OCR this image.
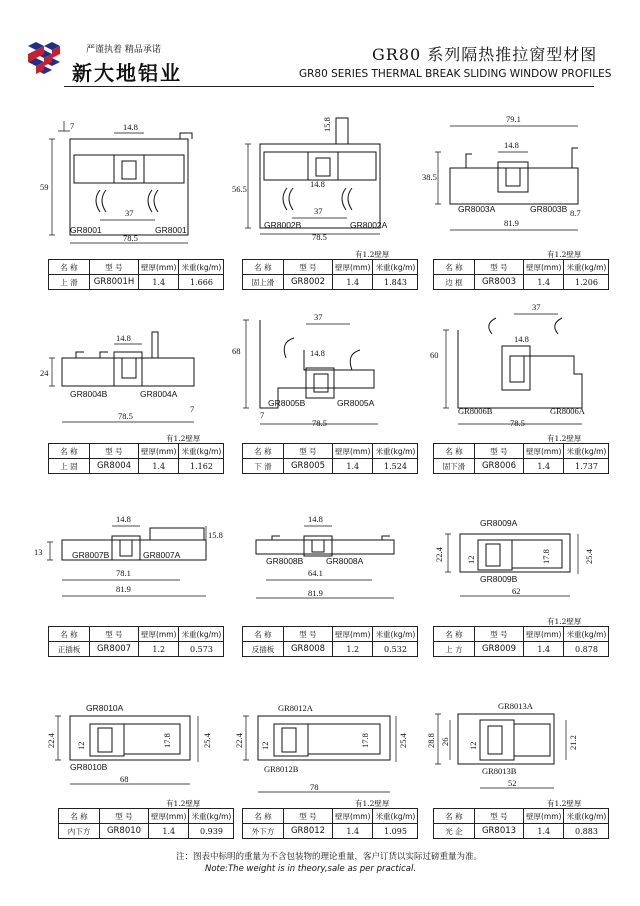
严谨执着 精品承诺
新大地铝业
GR80 系列隔热推拉窗型材图
GR80 SERIES THERMAL BREAK SLIDING WINDOW PROFILES
7	14.8
59
37
78.5
GR8001	GR8001
15.8
56.5	14.8
37
78.5
GR8002B	GR8002A
79.1
38.5
14.8
8.7
81.9
GR8003A	GR8003B
24
14.8
7
78.5
GR8004B	GR8004A
37
68	14.8
7
78.5
GR8005B	GR8005A
37
14.8
60
78.5
GR8006B	GR8006A
13
14.8
15.8
78.1
81.9
GR8007B	GR8007A
14.8
64.1
81.9
GR8008B	GR8008A	22.4	12	17.8	25.4
62
GR8009A
GR8009B
22.4 12	17.8	25.4
68
GR8010A
GR8010B
22.4 12	17.8	25.4
78
GR8012A
GR8012B
28.8 26 12	21.2
52
GR8013A
GR8013B
名 称	型 号	壁厚(mm)	米重(kg/m)
上 滑	GR8001H	1.4	1.666
有1.2壁厚
名 称	型 号	壁厚(mm)	米重(kg/m)
固上滑	GR8002	1.4	1.843
有1.2壁厚
名 称	型 号	壁厚(mm)	米重(kg/m)
边 框	GR8003	1.4	1.206
有1.2壁厚
名 称	型 号	壁厚(mm)	米重(kg/m)
上 固	GR8004	1.4	1.162
名 称	型 号	壁厚(mm)	米重(kg/m)
下 滑	GR8005	1.4	1.524
有1.2壁厚
名 称	型 号	壁厚(mm)	米重(kg/m)
固下滑	GR8006	1.4	1.737
名 称	型 号	壁厚(mm)	米重(kg/m)
正插板	GR8007	1.2	0.573
名 称	型 号	壁厚(mm)	米重(kg/m)
反插板	GR8008	1.2	0.532
有1.2壁厚
名 称	型 号	壁厚(mm)	米重(kg/m)
上 方	GR8009	1.4	0.878
有1.2壁厚
名 称	型 号	壁厚(mm)	米重(kg/m)
内下方	GR8010	1.4	0.939
有1.2壁厚
名 称	型 号	壁厚(mm)	米重(kg/m)
外下方	GR8012	1.4	1.095
有1.2壁厚
名 称	型 号	壁厚(mm)	米重(kg/m)
光 企	GR8013	1.4	0.883
注：图表中标明的重量为不含包装物的理论重量，客户订货以实际过磅重量为准。
Note:The weight is in theory,sale as per practical.
